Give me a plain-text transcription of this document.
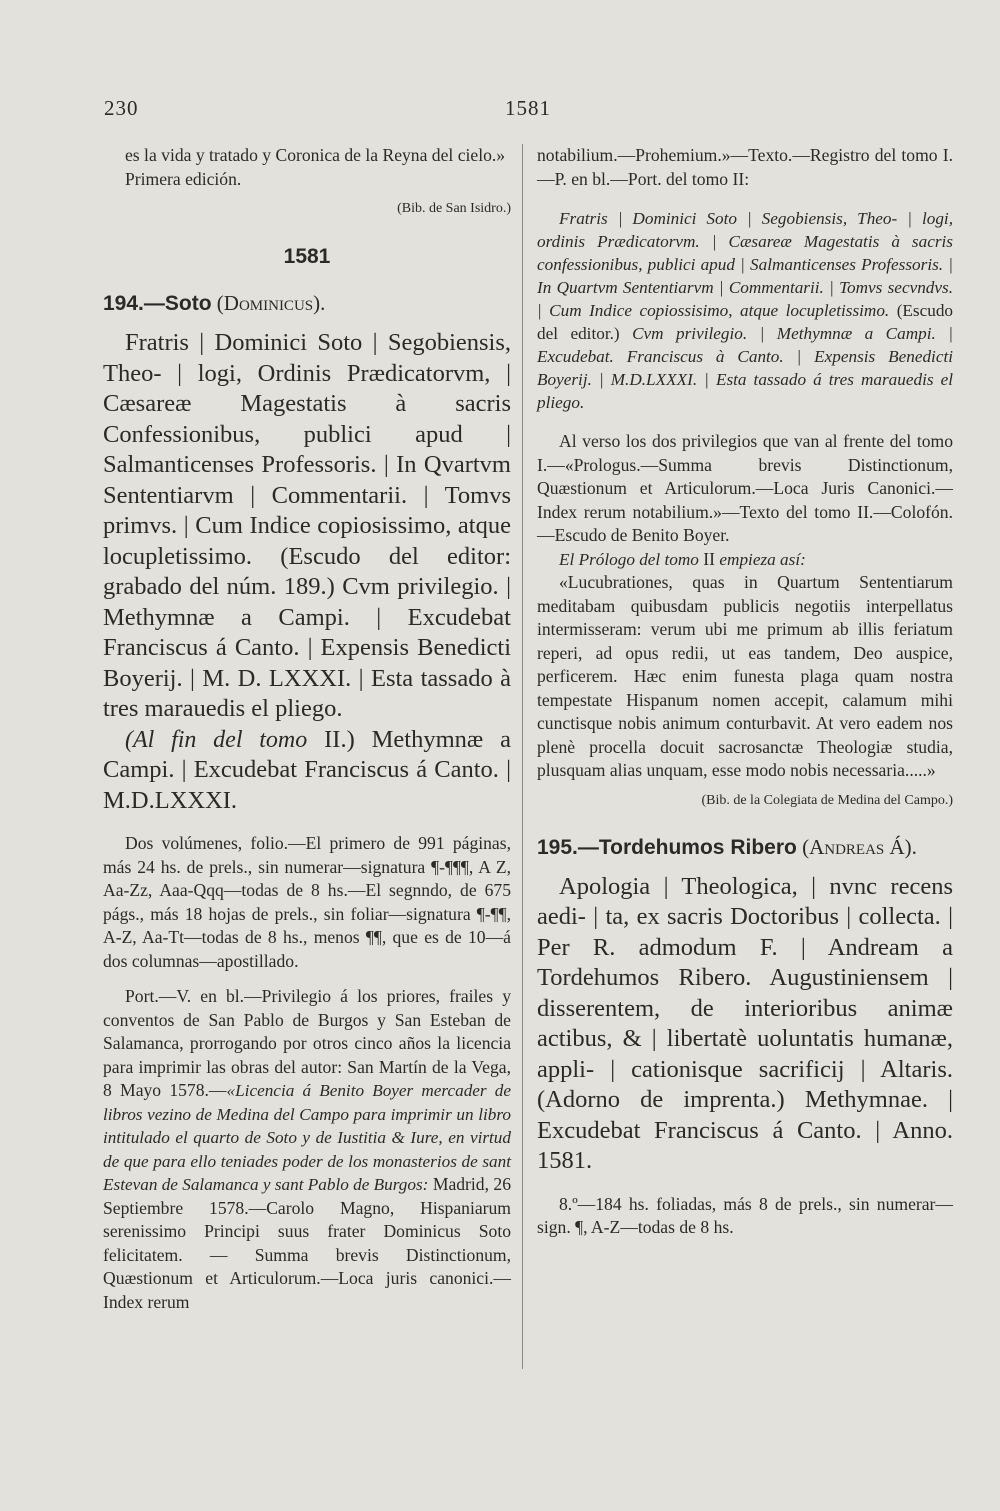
230	1581

es la vida y tratado y Coronica de la Reyna del cielo.»

Primera edición.

(Bib. de San Isidro.)

1581
194.—Soto (Dominicus).

Fratris | Dominici Soto | Segobiensis, Theo- | logi, Ordinis Prædicatorvm, | Cæsareæ Magestatis à sacris Confessionibus, publici apud | Salmanticenses Professoris. | In Qvartvm Sententiarvm | Commentarii. | Tomvs primvs. | Cum Indice copiosissimo, atque locupletissimo. (Escudo del editor: grabado del núm. 189.) Cvm privilegio. | Methymnæ a Campi. | Excudebat Franciscus á Canto. | Expensis Benedicti Boyerij. | M. D. LXXXI. | Esta tassado à tres marauedis el pliego.

(Al fin del tomo II.) Methymnæ a Campi. | Excudebat Franciscus á Canto. | M.D.LXXXI.

Dos volúmenes, folio.—El primero de 991 páginas, más 24 hs. de prels., sin numerar—signatura ¶-¶¶¶, A Z, Aa-Zz, Aaa-Qqq—todas de 8 hs.—El segnndo, de 675 págs., más 18 hojas de prels., sin foliar—signatura ¶-¶¶, A-Z, Aa-Tt—todas de 8 hs., menos ¶¶, que es de 10—á dos columnas—apostillado.

Port.—V. en bl.—Privilegio á los priores, frailes y conventos de San Pablo de Burgos y San Esteban de Salamanca, prorrogando por otros cinco años la licencia para imprimir las obras del autor: San Martín de la Vega, 8 Mayo 1578.—«Licencia á Benito Boyer mercader de libros vezino de Medina del Campo para imprimir un libro intitulado el quarto de Soto y de Iustitia & Iure, en virtud de que para ello teniades poder de los monasterios de sant Estevan de Salamanca y sant Pablo de Burgos: Madrid, 26 Septiembre 1578.—Carolo Magno, Hispaniarum serenissimo Principi suus frater Dominicus Soto felicitatem. — Summa brevis Distinctionum, Quæstionum et Articulorum.—Loca juris canonici.—Index rerum

notabilium.—Prohemium.»—Texto.—Registro del tomo I.—P. en bl.—Port. del tomo II:

Fratris | Dominici Soto | Segobiensis, Theo- | logi, ordinis Prædicatorvm. | Cæsareæ Magestatis à sacris confessionibus, publici apud | Salmanticenses Professoris. | In Quartvm Sententiarvm | Commentarii. | Tomvs secvndvs. | Cum Indice copiossisimo, atque locupletissimo. (Escudo del editor.) Cvm privilegio. | Methymnæ a Campi. | Excudebat. Franciscus à Canto. | Expensis Benedicti Boyerij. | M.D.LXXXI. | Esta tassado á tres marauedis el pliego.

Al verso los dos privilegios que van al frente del tomo I.—«Prologus.—Summa brevis Distinctionum, Quæstionum et Articulorum.—Loca Juris Canonici.—Index rerum notabilium.»—Texto del tomo II.—Colofón.—Escudo de Benito Boyer.

El Prólogo del tomo II empieza así:

«Lucubrationes, quas in Quartum Sententiarum meditabam quibusdam publicis negotiis interpellatus intermisseram: verum ubi me primum ab illis feriatum reperi, ad opus redii, ut eas tandem, Deo auspice, perficerem. Hæc enim funesta plaga quam nostra tempestate Hispanum nomen accepit, calamum mihi cunctisque nobis animum conturbavit. At vero eadem nos plenè procella docuit sacrosanctæ Theologiæ studia, plusquam alias unquam, esse modo nobis necessaria.....»

(Bib. de la Colegiata de Medina del Campo.)

195.—Tordehumos Ribero (Andreas Á).

Apologia | Theologica, | nvnc recens aedi- | ta, ex sacris Doctoribus | collecta. | Per R. admodum F. | Andream a Tordehumos Ribero. Augustiniensem | disserentem, de interioribus animæ actibus, & | libertatè uoluntatis humanæ, appli- | cationisque sacrificij | Altaris. (Adorno de imprenta.) Methymnae. | Excudebat Franciscus á Canto. | Anno. 1581.

8.º—184 hs. foliadas, más 8 de prels., sin numerar—sign. ¶, A-Z—todas de 8 hs.
